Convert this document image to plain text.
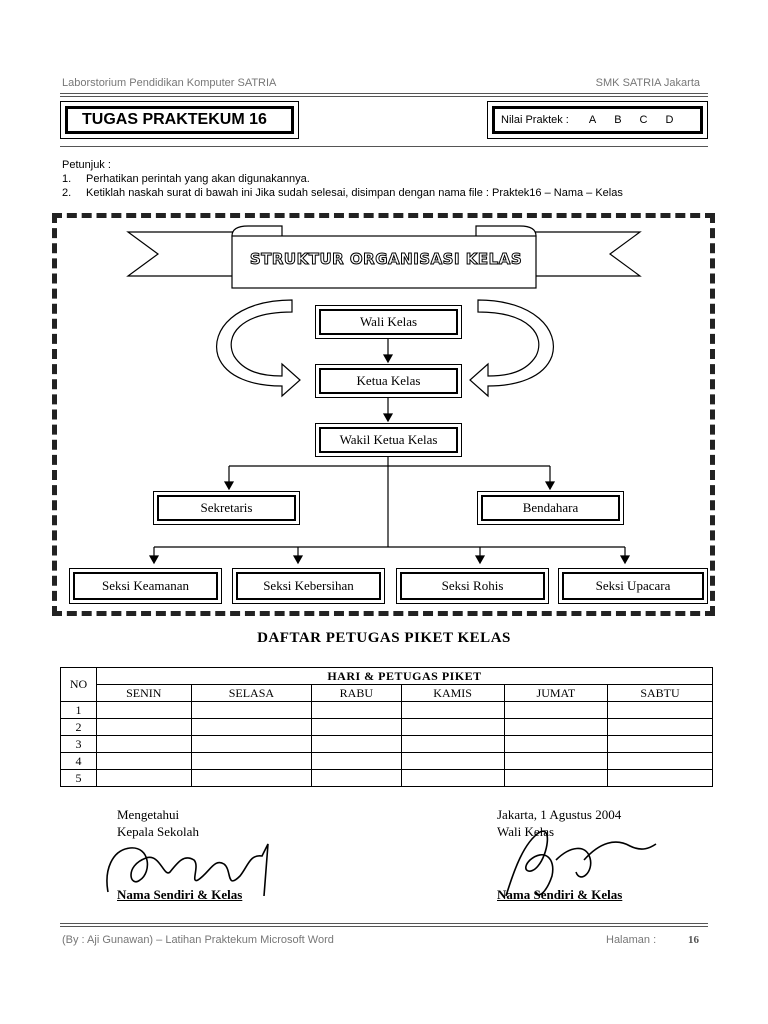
Laborstorium Pendidikan Komputer SATRIA	SMK SATRIA Jakarta
TUGAS PRAKTEKUM 16	Nilai Praktek : A B C D
Petunjuk :
1. Perhatikan perintah yang akan digunakannya.
2. Ketiklah naskah surat di bawah ini Jika sudah selesai, disimpan dengan nama file : Praktek16 – Nama – Kelas
STRUKTUR ORGANISASI KELAS
Wali Kelas
Ketua Kelas
Wakil Ketua Kelas
Sekretaris	Bendahara
Seksi Keamanan	Seksi Kebersihan	Seksi Rohis	Seksi Upacara
DAFTAR PETUGAS PIKET KELAS
NO	HARI & PETUGAS PIKET					
	SENIN	SELASA	RABU	KAMIS	JUMAT	SABTU
1						
2						
3						
4						
5						
Mengetahui
Kepala Sekolah
Nama Sendiri & Kelas
Jakarta, 1 Agustus 2004
Wali Kelas
Nama Sendiri & Kelas
(By : Aji Gunawan) – Latihan Praktekum Microsoft Word	Halaman :	16
